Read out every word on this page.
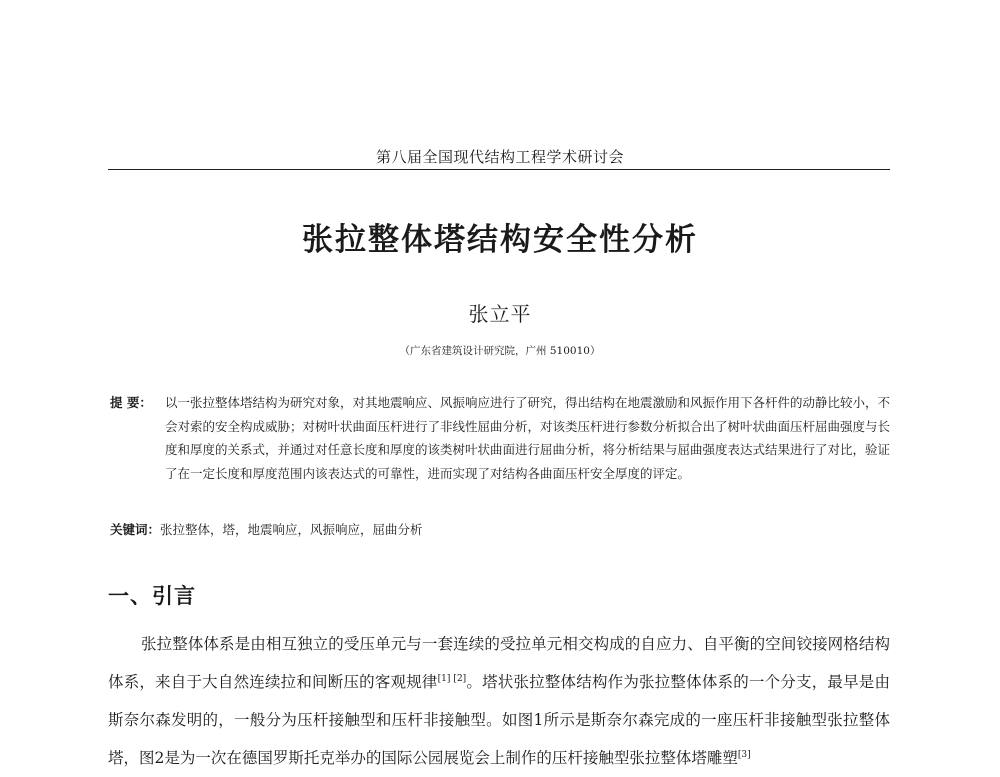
第八届全国现代结构工程学术研讨会
张拉整体塔结构安全性分析
张立平
（广东省建筑设计研究院，广州 510010）
提 要：	以一张拉整体塔结构为研究对象，对其地震响应、风振响应进行了研究，得出结构在地震激励和风振作用下各杆件的动静比较小，不会对索的安全构成威胁；对树叶状曲面压杆进行了非线性屈曲分析，对该类压杆进行参数分析拟合出了树叶状曲面压杆屈曲强度与长度和厚度的关系式，并通过对任意长度和厚度的该类树叶状曲面进行屈曲分析，将分析结果与屈曲强度表达式结果进行了对比，验证了在一定长度和厚度范围内该表达式的可靠性，进而实现了对结构各曲面压杆安全厚度的评定。
关键词：张拉整体，塔，地震响应，风振响应，屈曲分析
一、引言
张拉整体体系是由相互独立的受压单元与一套连续的受拉单元相交构成的自应力、自平衡的空间铰接网格结构体系，来自于大自然连续拉和间断压的客观规律[1] [2]。塔状张拉整体结构作为张拉整体体系的一个分支，最早是由斯奈尔森发明的，一般分为压杆接触型和压杆非接触型。如图1所示是斯奈尔森完成的一座压杆非接触型张拉整体塔，图2是为一次在德国罗斯托克举办的国际公园展览会上制作的压杆接触型张拉整体塔雕塑[3]
